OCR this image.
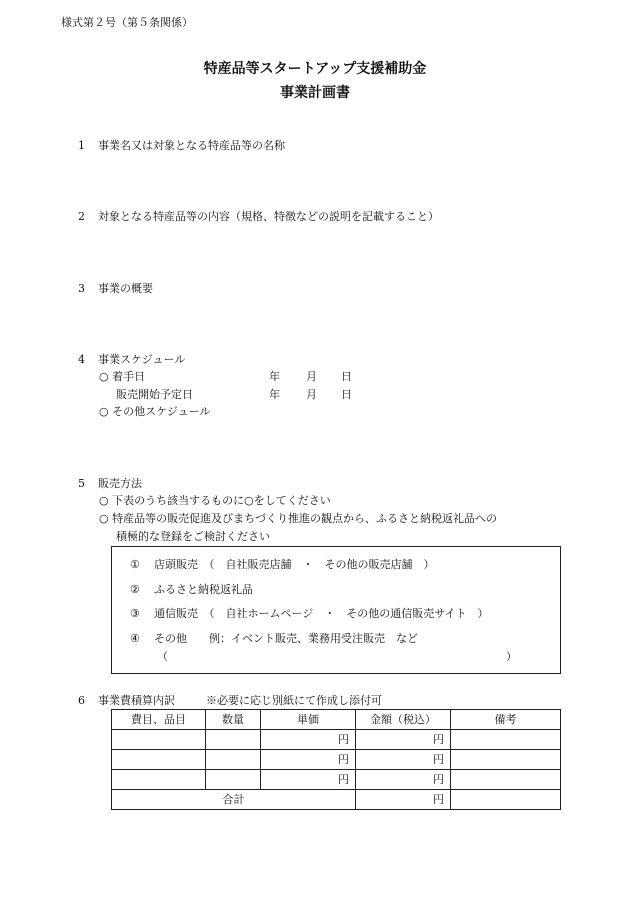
様式第２号（第５条関係）
特産品等スタートアップ支援補助金
事業計画書
1 事業名又は対象となる特産品等の名称
2 対象となる特産品等の内容（規格、特徴などの説明を記載すること）
3 事業の概要
4 事業スケジュール
○ 着手日	年 月 日
販売開始予定日	年 月 日
○ その他スケジュール
5 販売方法
○ 下表のうち該当するものに○をしてください
○ 特産品等の販売促進及びまちづくり推進の観点から、ふるさと納税返礼品への
積極的な登録をご検討ください
① 店頭販売　（　自社販売店舗　・　その他の販売店舗　）
② ふるさと納税返礼品
③ 通信販売　（　自社ホームページ　・　その他の通信販売サイト　）
④ その他　　例：イベント販売、業務用受注販売　など
（	）
6 事業費積算内訳	※必要に応じ別紙にて作成し添付可
費目、品目	数量	単価	金額（税込）	備考
		円	円	
		円	円	
		円	円	
合計			円	
